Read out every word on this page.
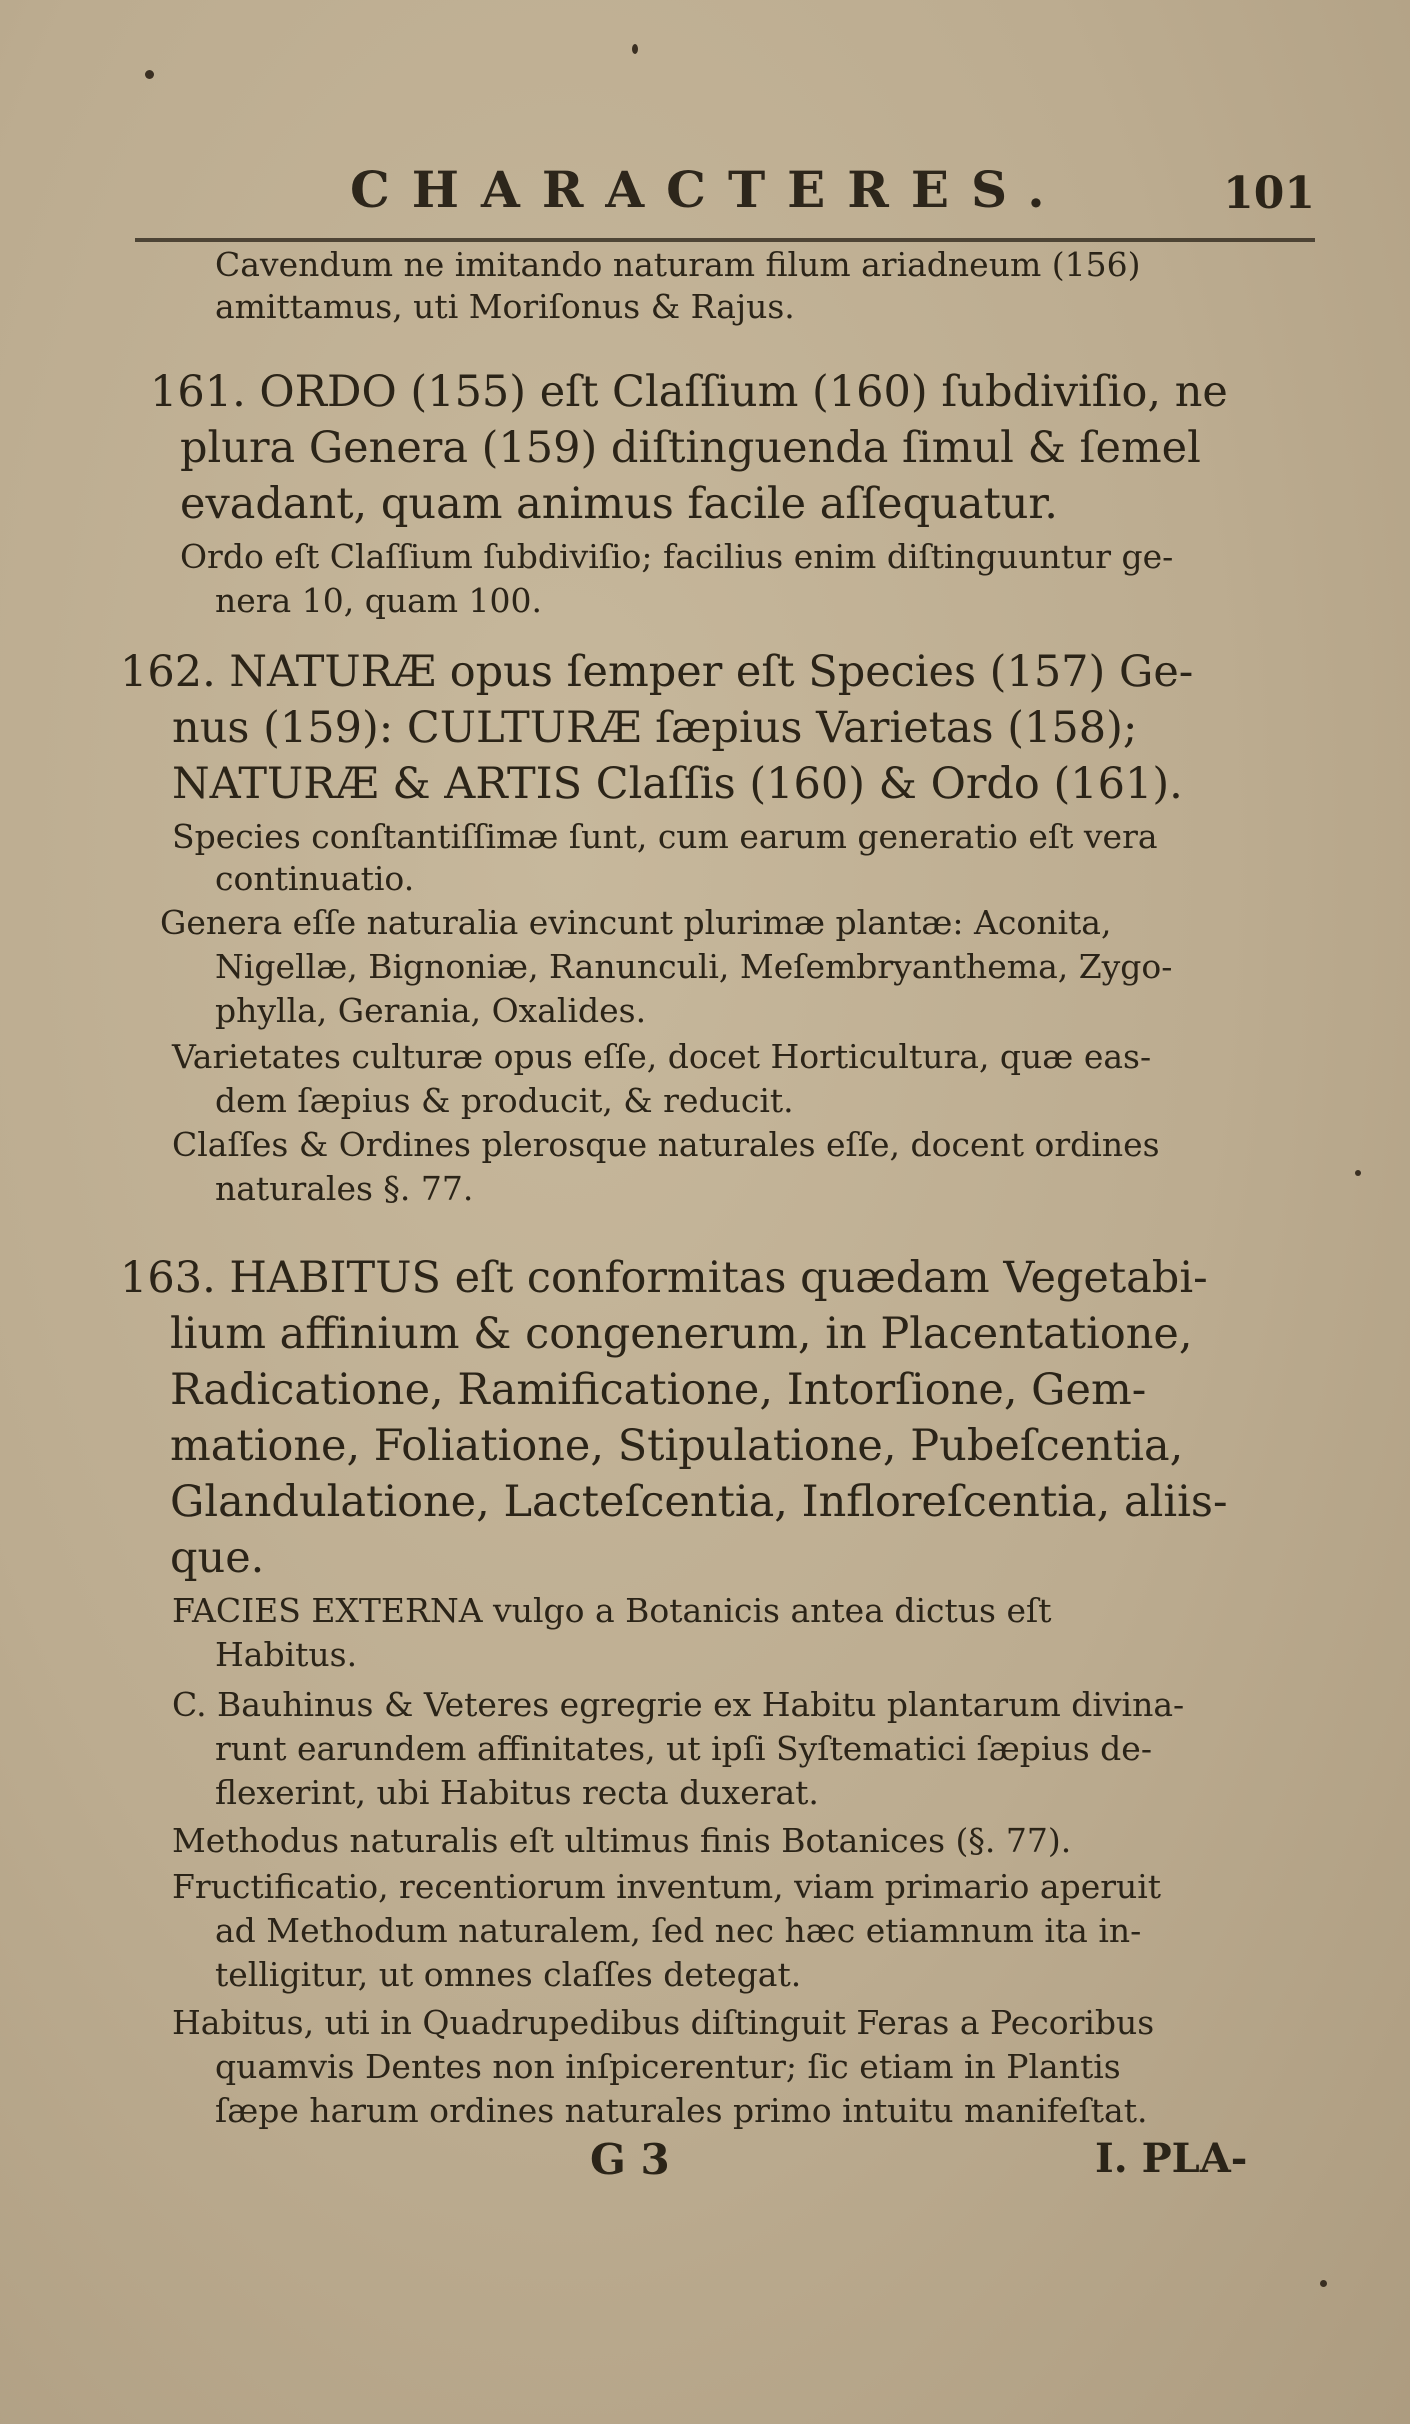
CHARACTERES.	101
Cavendum ne imitando naturam filum ariadneum (156)
amittamus, uti Moriſonus & Rajus.
161. ORDO (155) eſt Claſſium (160) ſubdiviſio, ne
plura Genera (159) diſtinguenda ſimul & ſemel
evadant, quam animus facile aſſequatur.
Ordo eſt Claſſium ſubdiviſio; facilius enim diſtinguuntur ge-
nera 10, quam 100.
162. NATURÆ opus ſemper eſt Species (157) Ge-
nus (159): CULTURÆ ſæpius Varietas (158);
NATURÆ & ARTIS Claſſis (160) & Ordo (161).
Species conſtantiſſimæ ſunt, cum earum generatio eſt vera
continuatio.
Genera eſſe naturalia evincunt plurimæ plantæ: Aconita,
Nigellæ, Bignoniæ, Ranunculi, Meſembryanthema, Zygo-
phylla, Gerania, Oxalides.
Varietates culturæ opus eſſe, docet Horticultura, quæ eas-
dem ſæpius & producit, & reducit.
Claſſes & Ordines plerosque naturales eſſe, docent ordines
naturales §. 77.
163. HABITUS eſt conformitas quædam Vegetabi-
lium affinium & congenerum, in Placentatione,
Radicatione, Ramificatione, Intorſione, Gem-
matione, Foliatione, Stipulatione, Pubeſcentia,
Glandulatione, Lacteſcentia, Infloreſcentia, aliis-
que.
FACIES EXTERNA vulgo a Botanicis antea dictus eſt
Habitus.
C. Bauhinus & Veteres egregrie ex Habitu plantarum divina-
runt earundem affinitates, ut ipſi Syſtematici ſæpius de-
flexerint, ubi Habitus recta duxerat.
Methodus naturalis eſt ultimus finis Botanices (§. 77).
Fructificatio, recentiorum inventum, viam primario aperuit
ad Methodum naturalem, ſed nec hæc etiamnum ita in-
telligitur, ut omnes claſſes detegat.
Habitus, uti in Quadrupedibus diſtinguit Feras a Pecoribus
quamvis Dentes non inſpicerentur; ſic etiam in Plantis
ſæpe harum ordines naturales primo intuitu manifeſtat.
G 3	I. PLA-
